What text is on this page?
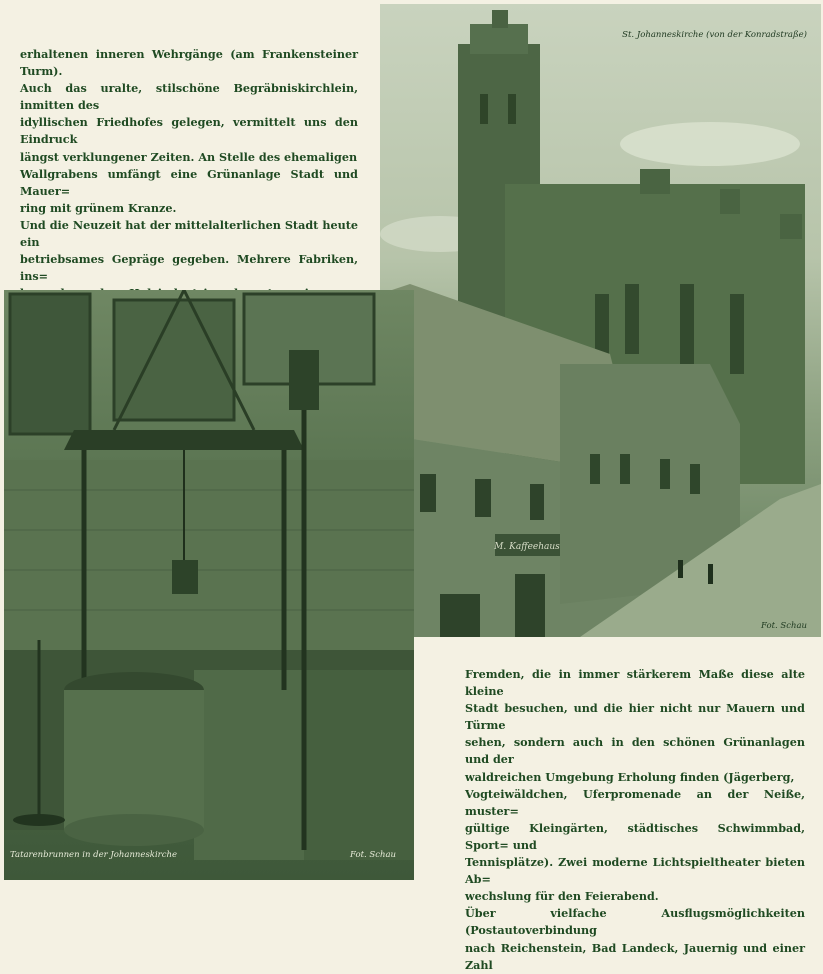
erhaltenen inneren Wehrgänge (am Frankensteiner Turm).

Auch das uralte, stilschöne Begräbniskirchlein, inmitten des

idyllischen Friedhofes gelegen, vermittelt uns den Eindruck

längst verklungener Zeiten. An Stelle des ehemaligen

Wallgrabens umfängt eine Grünanlage Stadt und Mauer=

ring mit grünem Kranze.

Und die Neuzeit hat der mittelalterlichen Stadt heute ein

betriebsames Gepräge gegeben. Mehrere Fabriken, ins=

M. Kaffeehaus
St. Johanneskirche (von der Konradstraße)
Fot. Schau
Tatarenbrunnen in der Johanneskirche	Fot. Schau

Fremden, die in immer stärkerem Maße diese alte kleine

Stadt besuchen, und die hier nicht nur Mauern und Türme

sehen, sondern auch in den schönen Grünanlagen und der

waldreichen Umgebung Erholung finden (Jägerberg,

Vogteiwäldchen, Uferpromenade an der Neiße, muster=

gültige Kleingärten, städtisches Schwimmbad, Sport= und

Tennisplätze). Zwei moderne Lichtspieltheater bieten Ab=

wechslung für den Feierabend.

Über vielfache Ausflugsmöglichkeiten (Postautoverbindung

nach Reichenstein, Bad Landeck, Jauernig und einer Zahl
